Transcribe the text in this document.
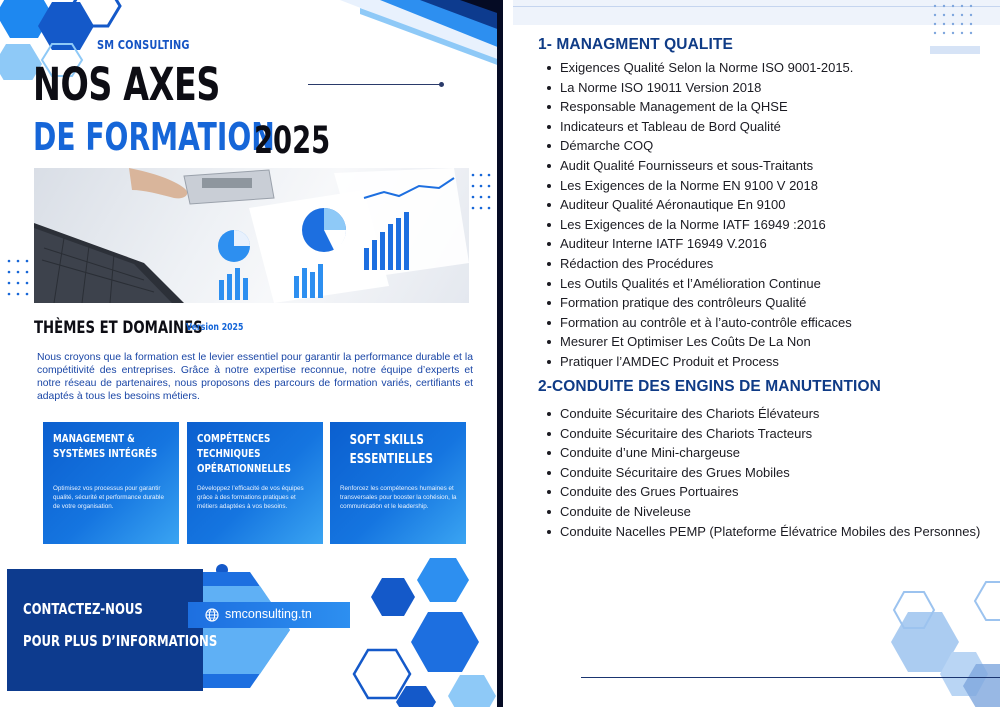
SM CONSULTING
NOS AXES
DE FORMATION
2025
THÈMES ET DOMAINES
Version 2025

Nous croyons que la formation est le levier essentiel pour garantir la performance durable et la compétitivité des entreprises. Grâce à notre expertise reconnue, notre équipe d’experts et notre réseau de partenaires, nous proposons des parcours de formation variés, certifiants et adaptés à tous les besoins métiers.

MANAGEMENT & SYSTÈMES INTÉGRÉS
Optimisez vos processus pour garantir qualité, sécurité et performance durable de votre organisation.
COMPÉTENCES TECHNIQUES OPÉRATIONNELLES
Développez l’efficacité de vos équipes grâce à des formations pratiques et métiers adaptées à vos besoins.
SOFT SKILLS ESSENTIELLES
Renforcez les compétences humaines et transversales pour booster la cohésion, la communication et le leadership.
CONTACTEZ-NOUS
POUR PLUS D’INFORMATIONS
smconsulting.tn
1- MANAGMENT QUALITE
Exigences Qualité Selon la Norme ISO 9001-2015.
La Norme ISO 19011 Version 2018
Responsable Management de la QHSE
Indicateurs et Tableau de Bord Qualité
Démarche COQ
Audit Qualité Fournisseurs et sous-Traitants
Les Exigences de la Norme EN 9100 V 2018
Auditeur Qualité Aéronautique En 9100
Les Exigences de la Norme IATF 16949 :2016
Auditeur Interne IATF 16949 V.2016
Rédaction des Procédures
Les Outils Qualités et l’Amélioration Continue
Formation pratique des contrôleurs Qualité
Formation au contrôle et à l’auto-contrôle efficaces
Mesurer Et Optimiser Les Coûts De La Non
Pratiquer l’AMDEC Produit et Process
2-CONDUITE DES ENGINS DE MANUTENTION
Conduite Sécuritaire des Chariots Élévateurs
Conduite Sécuritaire des Chariots Tracteurs
Conduite d’une Mini-chargeuse
Conduite Sécuritaire des Grues Mobiles
Conduite des Grues Portuaires
Conduite de Niveleuse
Conduite Nacelles PEMP (Plateforme Élévatrice Mobiles des Personnes)
